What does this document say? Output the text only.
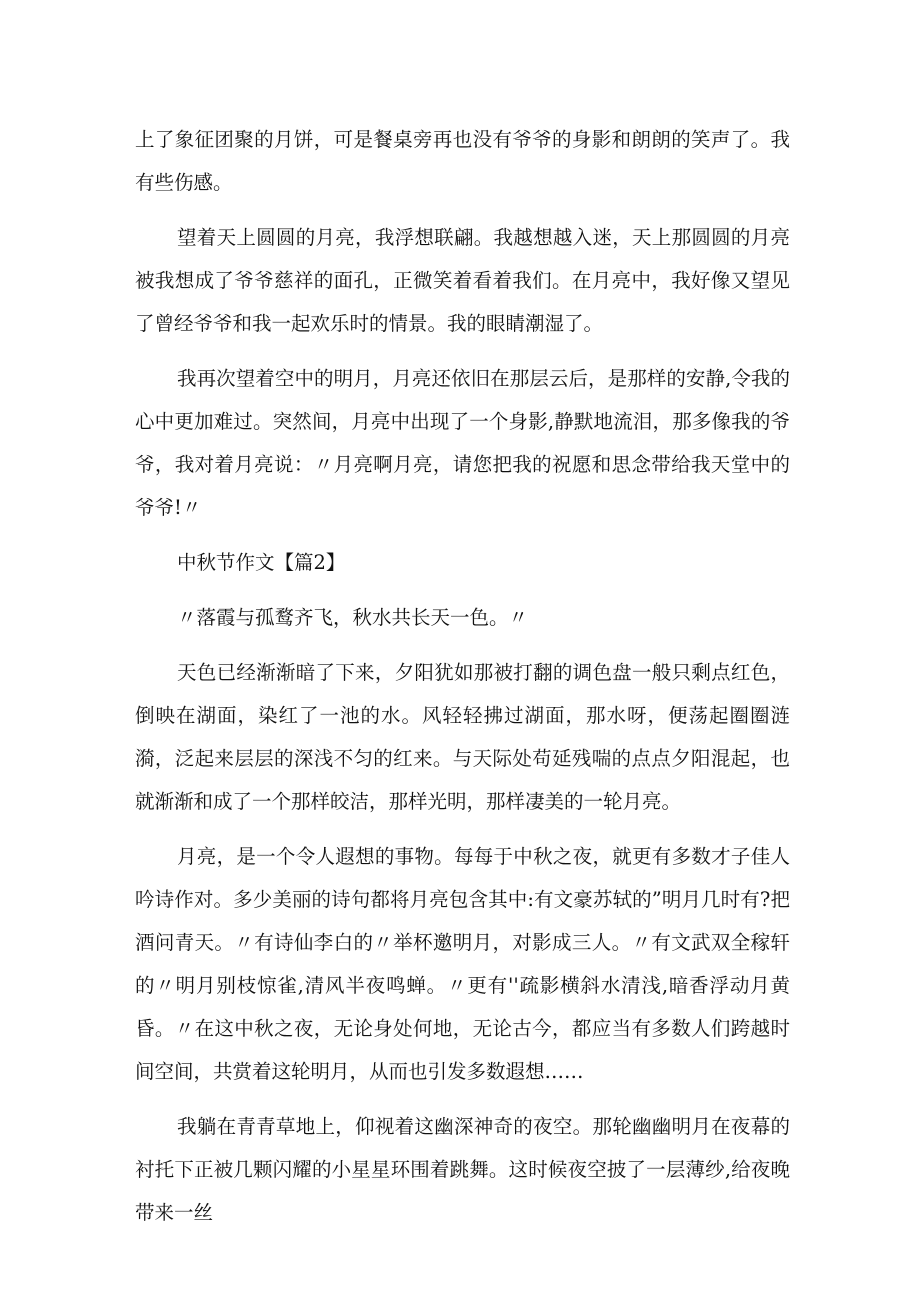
上了象征团聚的月饼，可是餐桌旁再也没有爷爷的身影和朗朗的笑声了。我有些伤感。

望着天上圆圆的月亮，我浮想联翩。我越想越入迷，天上那圆圆的月亮被我想成了爷爷慈祥的面孔，正微笑着看着我们。在月亮中，我好像又望见了曾经爷爷和我一起欢乐时的情景。我的眼睛潮湿了。

我再次望着空中的明月，月亮还依旧在那层云后，是那样的安静,令我的心中更加难过。突然间，月亮中出现了一个身影,静默地流泪，那多像我的爷爷，我对着月亮说：〃月亮啊月亮，请您把我的祝愿和思念带给我天堂中的爷爷!〃

中秋节作文【篇2】

〃落霞与孤鹜齐飞，秋水共长天一色。〃

天色已经渐渐暗了下来，夕阳犹如那被打翻的调色盘一般只剩点红色，倒映在湖面，染红了一池的水。风轻轻拂过湖面，那水呀，便荡起圈圈涟漪，泛起来层层的深浅不匀的红来。与天际处苟延残喘的点点夕阳混起，也就渐渐和成了一个那样皎洁，那样光明，那样凄美的一轮月亮。

月亮，是一个令人遐想的事物。每每于中秋之夜，就更有多数才子佳人吟诗作对。多少美丽的诗句都将月亮包含其中:有文豪苏轼的”明月几时有?把酒问青天。〃有诗仙李白的〃举杯邀明月，对影成三人。〃有文武双全稼轩的〃明月别枝惊雀,清风半夜鸣蝉。〃更有''疏影横斜水清浅,暗香浮动月黄昏。〃在这中秋之夜，无论身处何地，无论古今，都应当有多数人们跨越时间空间，共赏着这轮明月，从而也引发多数遐想……

我躺在青青草地上，仰视着这幽深神奇的夜空。那轮幽幽明月在夜幕的衬托下正被几颗闪耀的小星星环围着跳舞。这时候夜空披了一层薄纱,给夜晚带来一丝
